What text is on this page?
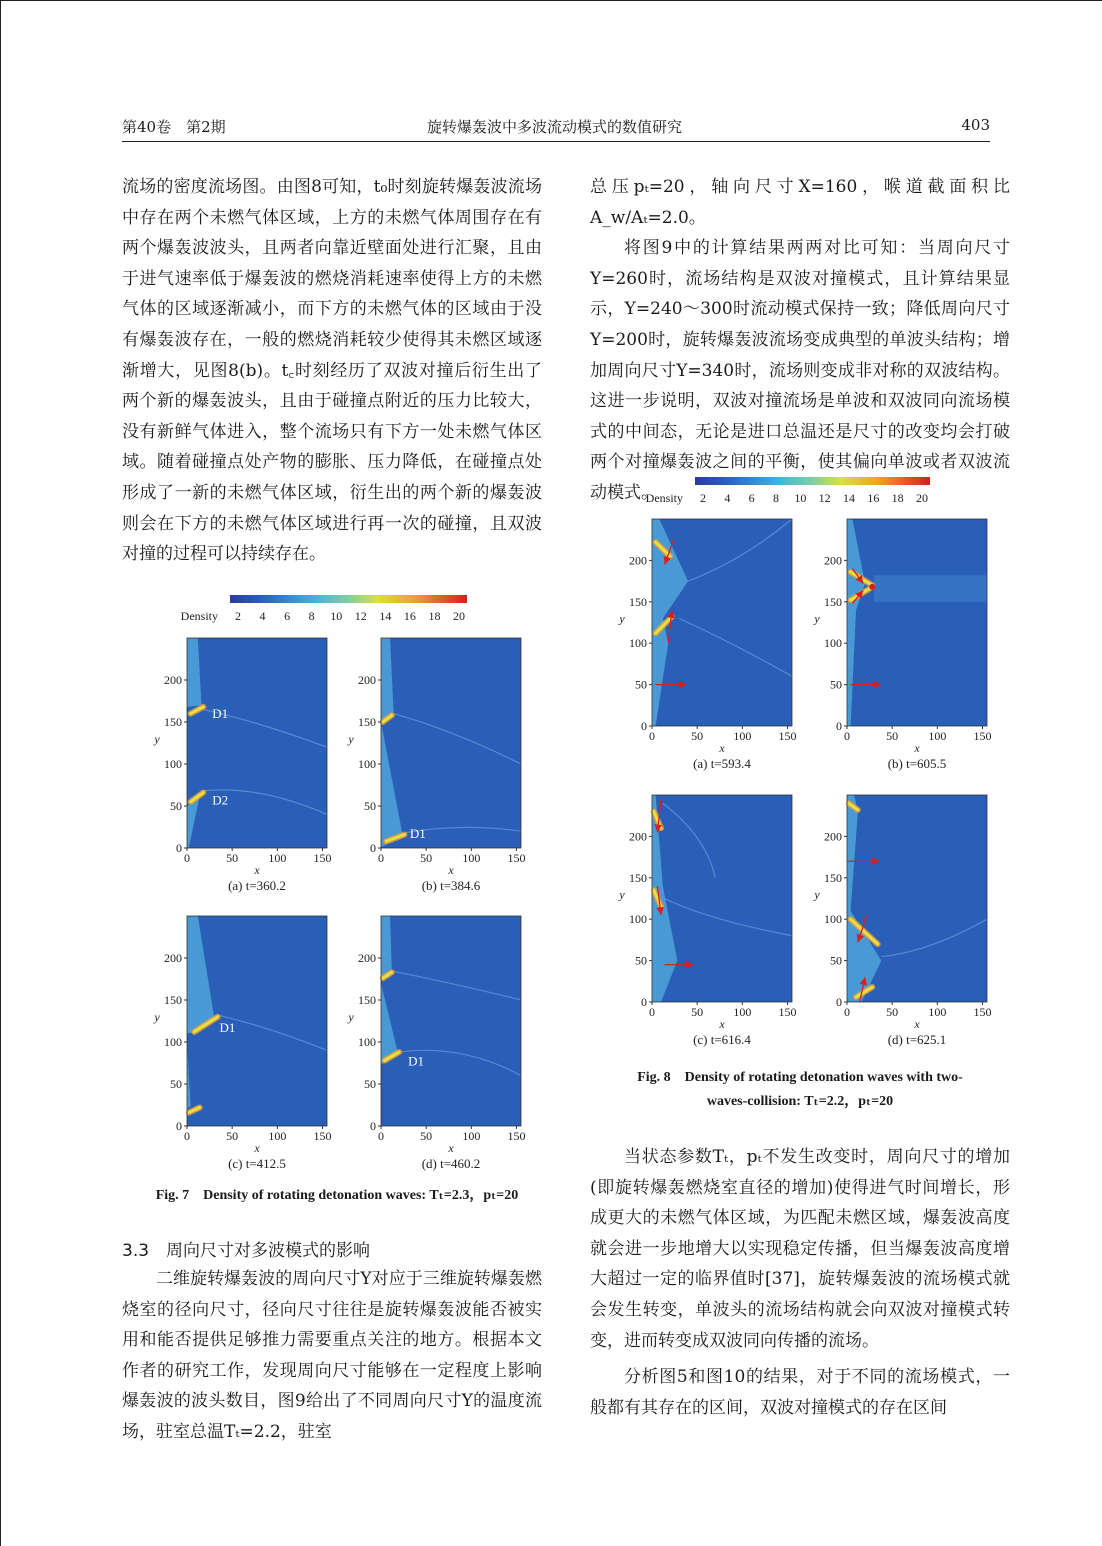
第40卷　第2期	旋转爆轰波中多波流动模式的数值研究	403

流场的密度流场图。由图8可知，t₀时刻旋转爆轰波流场中存在两个未燃气体区域，上方的未燃气体周围存在有两个爆轰波波头，且两者向靠近壁面处进行汇聚，且由于进气速率低于爆轰波的燃烧消耗速率使得上方的未燃气体的区域逐渐减小，而下方的未燃气体的区域由于没有爆轰波存在，一般的燃烧消耗较少使得其未燃区域逐渐增大，见图8(b)。t꜀时刻经历了双波对撞后衍生出了两个新的爆轰波头，且由于碰撞点附近的压力比较大，没有新鲜气体进入，整个流场只有下方一处未燃气体区域。随着碰撞点处产物的膨胀、压力降低，在碰撞点处形成了一新的未燃气体区域，衍生出的两个新的爆轰波则会在下方的未燃气体区域进行再一次的碰撞，且双波对撞的过程可以持续存在。

Density 2 4 6 8 10 12 14 16 18 20
D1
D2
0	50	100 150
0
50
100
150
200
x
y
(a) t=360.2
D1
0	50	100 150
0
50
100
150
200
x
y
(b) t=384.6
D1
0	50	100 150
0
50
100
150
200
x
y
(c) t=412.5
D1
0	50	100 150
0
50
100
150
200
x
y
(d) t=460.2
Fig. 7　Density of rotating detonation waves: Tₜ=2.3，pₜ=20
3.3　周向尺寸对多波模式的影响

二维旋转爆轰波的周向尺寸Y对应于三维旋转爆轰燃烧室的径向尺寸，径向尺寸往往是旋转爆轰波能否被实用和能否提供足够推力需要重点关注的地方。根据本文作者的研究工作，发现周向尺寸能够在一定程度上影响爆轰波的波头数目，图9给出了不同周向尺寸Y的温度流场，驻室总温Tₜ=2.2，驻室

总压pₜ=20，轴向尺寸X=160，喉道截面积比A_w/Aₜ=2.0。

将图9中的计算结果两两对比可知：当周向尺寸Y=260时，流场结构是双波对撞模式，且计算结果显示，Y=240～300时流动模式保持一致；降低周向尺寸Y=200时，旋转爆轰波流场变成典型的单波头结构；增加周向尺寸Y=340时，流场则变成非对称的双波结构。这进一步说明，双波对撞流场是单波和双波同向流场模式的中间态，无论是进口总温还是尺寸的改变均会打破两个对撞爆轰波之间的平衡，使其偏向单波或者双波流动模式。

Density 2 4 6 8 10 12 14 16 18 20
0	50	100 150
0
50
100
150
200
x
y
(a) t=593.4
0	50	100 150
0
50
100
150
200
x
y
(b) t=605.5
0	50	100 150
0
50
100
150
200
x
y
(c) t=616.4
0	50	100 150
0
50
100
150
200
x
y
(d) t=625.1
Fig. 8　Density of rotating detonation waves with two-
waves-collision: Tₜ=2.2，pₜ=20

当状态参数Tₜ，pₜ不发生改变时，周向尺寸的增加(即旋转爆轰燃烧室直径的增加)使得进气时间增长，形成更大的未燃气体区域，为匹配未燃区域，爆轰波高度就会进一步地增大以实现稳定传播，但当爆轰波高度增大超过一定的临界值时[37]，旋转爆轰波的流场模式就会发生转变，单波头的流场结构就会向双波对撞模式转变，进而转变成双波同向传播的流场。

分析图5和图10的结果，对于不同的流场模式，一般都有其存在的区间，双波对撞模式的存在区间
